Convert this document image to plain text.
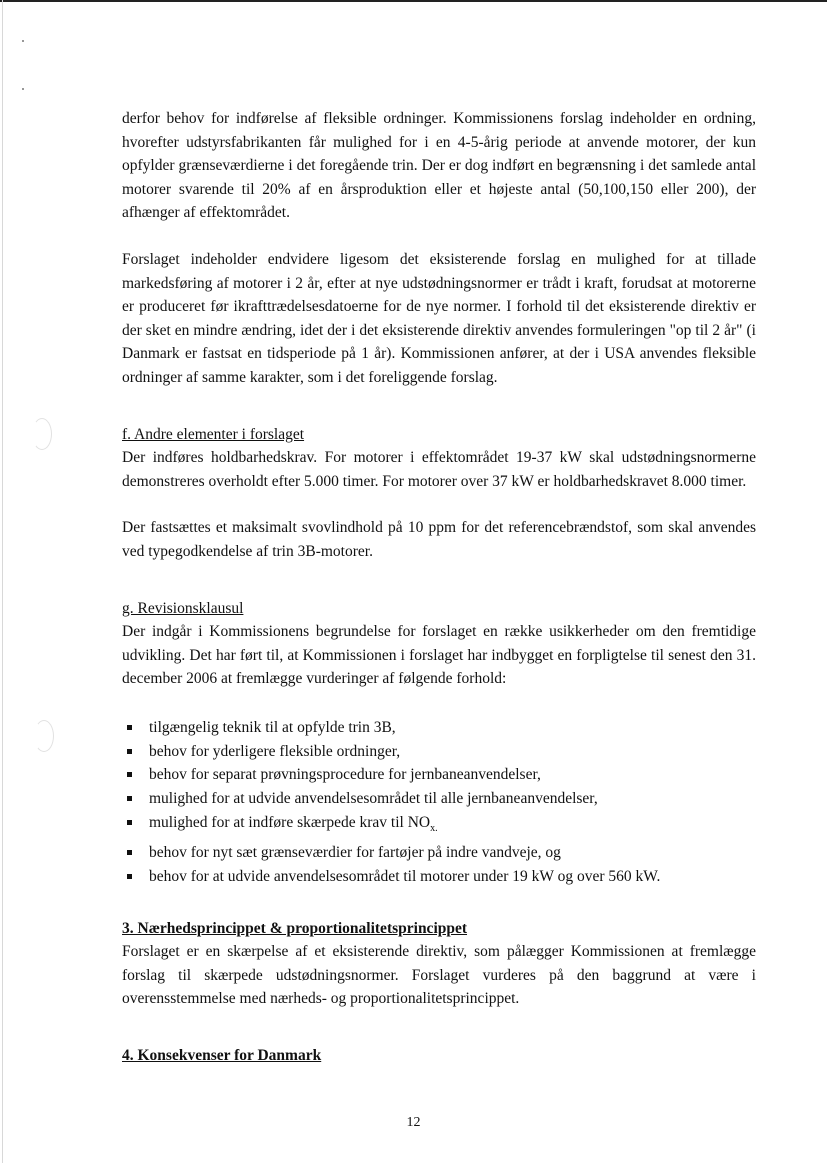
derfor behov for indførelse af fleksible ordninger. Kommissionens forslag indeholder en ordning, hvorefter udstyrsfabrikanten får mulighed for i en 4-5-årig periode at anvende motorer, der kun opfylder grænseværdierne i det foregående trin. Der er dog indført en begrænsning i det samlede antal motorer svarende til 20% af en årsproduktion eller et højeste antal (50,100,150 eller 200), der afhænger af effektområdet.

Forslaget indeholder endvidere ligesom det eksisterende forslag en mulighed for at tillade markedsføring af motorer i 2 år, efter at nye udstødningsnormer er trådt i kraft, forudsat at motorerne er produceret før ikrafttrædelsesdatoerne for de nye normer. I forhold til det eksisterende direktiv er der sket en mindre ændring, idet der i det eksisterende direktiv anvendes formuleringen "op til 2 år" (i Danmark er fastsat en tidsperiode på 1 år). Kommissionen anfører, at der i USA anvendes fleksible ordninger af samme karakter, som i det foreliggende forslag.

f. Andre elementer i forslaget

Der indføres holdbarhedskrav. For motorer i effektområdet 19-37 kW skal udstødningsnormerne demonstreres overholdt efter 5.000 timer. For motorer over 37 kW er holdbarhedskravet 8.000 timer.

Der fastsættes et maksimalt svovlindhold på 10 ppm for det referencebrændstof, som skal anvendes ved typegodkendelse af trin 3B-motorer.

g. Revisionsklausul

Der indgår i Kommissionens begrundelse for forslaget en række usikkerheder om den fremtidige udvikling. Det har ført til, at Kommissionen i forslaget har indbygget en forpligtelse til senest den 31. december 2006 at fremlægge vurderinger af følgende forhold:

tilgængelig teknik til at opfylde trin 3B,
behov for yderligere fleksible ordninger,
behov for separat prøvningsprocedure for jernbaneanvendelser,
mulighed for at udvide anvendelsesområdet til alle jernbaneanvendelser,
mulighed for at indføre skærpede krav til $NO_{x.}$
behov for nyt sæt grænseværdier for fartøjer på indre vandveje, og
behov for at udvide anvendelsesområdet til motorer under 19 kW og over 560 kW.
3. Nærhedsprincippet & proportionalitetsprincippet

Forslaget er en skærpelse af et eksisterende direktiv, som pålægger Kommissionen at fremlægge forslag til skærpede udstødningsnormer. Forslaget vurderes på den baggrund at være i overensstemmelse med nærheds- og proportionalitetsprincippet.

4. Konsekvenser for Danmark
12
